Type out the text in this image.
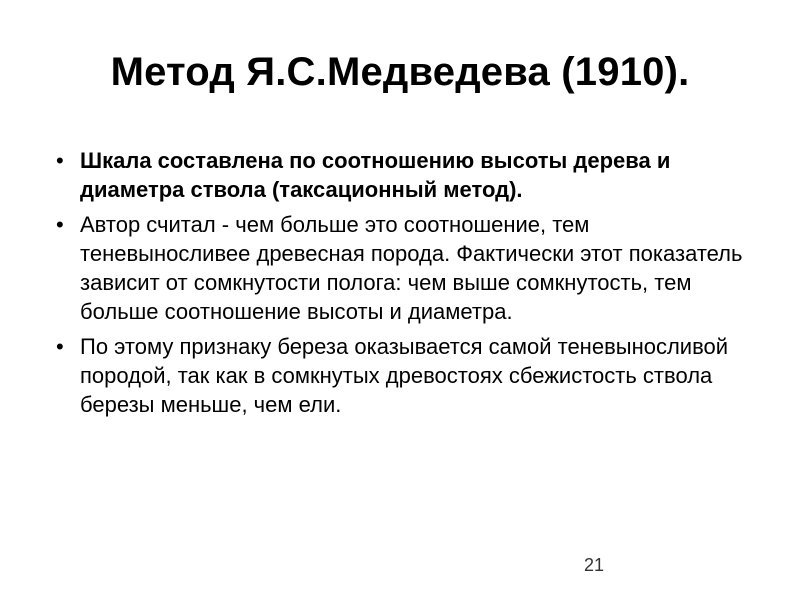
Метод Я.С.Медведева (1910).
• Шкала составлена по соотношению высоты дерева и диаметра ствола (таксационный метод).
• Автор считал - чем больше это соотношение, тем теневыносливее древесная порода. Фактически этот показатель зависит от сомкнутости полога: чем выше сомкнутость, тем больше соотношение высоты и диаметра.
• По этому признаку береза оказывается самой теневыносливой породой, так как в сомкнутых древостоях сбежистость ствола березы меньше, чем ели.
21
